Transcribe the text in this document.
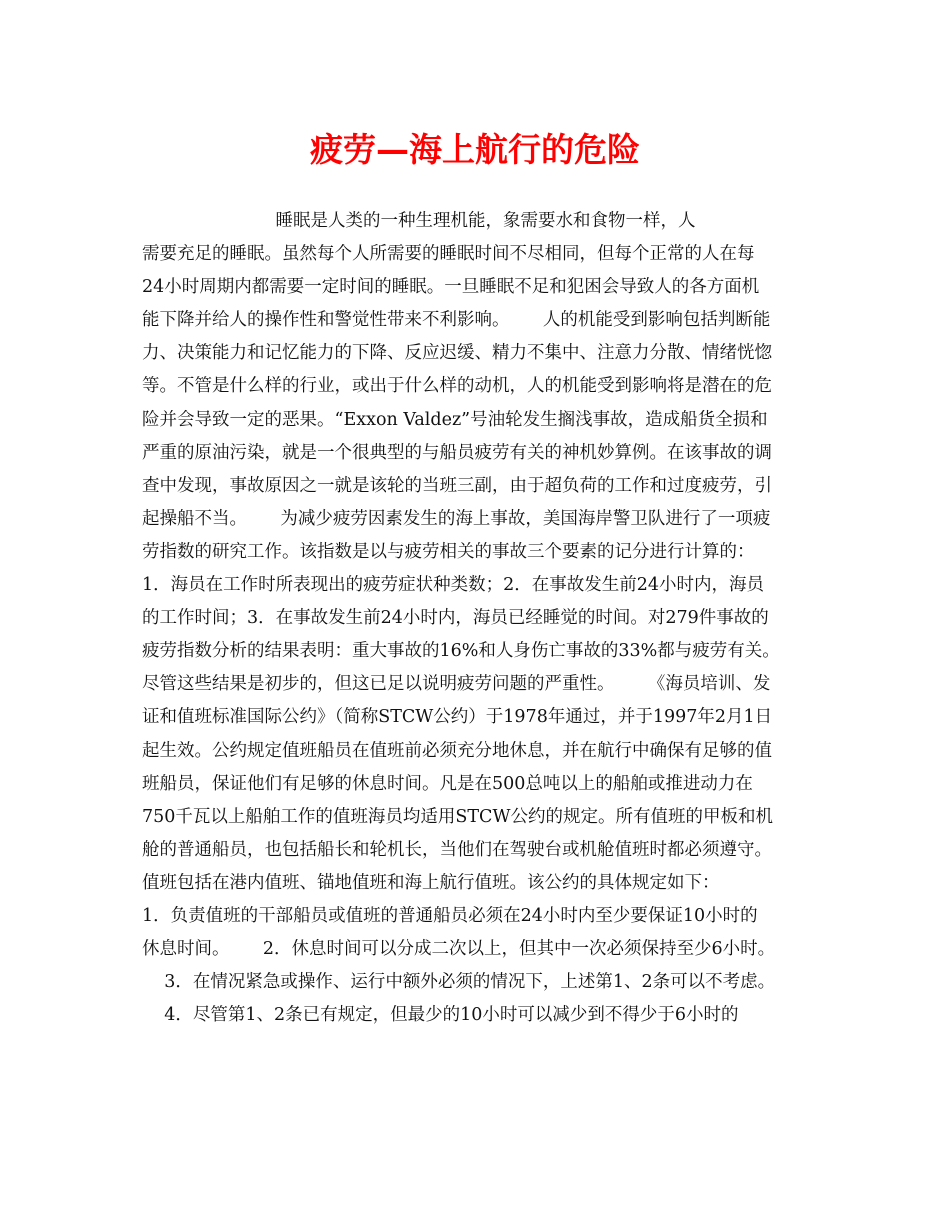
疲劳—海上航行的危险
睡眠是人类的一种生理机能，象需要水和食物一样，人
需要充足的睡眠。虽然每个人所需要的睡眠时间不尽相同，但每个正常的人在每
24小时周期内都需要一定时间的睡眠。一旦睡眠不足和犯困会导致人的各方面机
能下降并给人的操作性和警觉性带来不利影响。      人的机能受到影响包括判断能
力、决策能力和记忆能力的下降、反应迟缓、精力不集中、注意力分散、情绪恍惚
等。不管是什么样的行业，或出于什么样的动机，人的机能受到影响将是潜在的危
险并会导致一定的恶果。“Exxon Valdez”号油轮发生搁浅事故，造成船货全损和
严重的原油污染，就是一个很典型的与船员疲劳有关的神机妙算例。在该事故的调
查中发现，事故原因之一就是该轮的当班三副，由于超负荷的工作和过度疲劳，引
起操船不当。      为减少疲劳因素发生的海上事故，美国海岸警卫队进行了一项疲
劳指数的研究工作。该指数是以与疲劳相关的事故三个要素的记分进行计算的：
1．海员在工作时所表现出的疲劳症状种类数；2．在事故发生前24小时内，海员
的工作时间；3．在事故发生前24小时内，海员已经睡觉的时间。对279件事故的
疲劳指数分析的结果表明：重大事故的16%和人身伤亡事故的33%都与疲劳有关。
尽管这些结果是初步的，但这已足以说明疲劳问题的严重性。      《海员培训、发
证和值班标准国际公约》（简称STCW公约）于1978年通过，并于1997年2月1日
起生效。公约规定值班船员在值班前必须充分地休息，并在航行中确保有足够的值
班船员，保证他们有足够的休息时间。凡是在500总吨以上的船舶或推进动力在
750千瓦以上船舶工作的值班海员均适用STCW公约的规定。所有值班的甲板和机
舱的普通船员，也包括船长和轮机长，当他们在驾驶台或机舱值班时都必须遵守。
值班包括在港内值班、锚地值班和海上航行值班。该公约的具体规定如下：
1．负责值班的干部船员或值班的普通船员必须在24小时内至少要保证10小时的
休息时间。      2．休息时间可以分成二次以上，但其中一次必须保持至少6小时。
3．在情况紧急或操作、运行中额外必须的情况下，上述第1、2条可以不考虑。
4．尽管第1、2条已有规定，但最少的10小时可以减少到不得少于6小时的
